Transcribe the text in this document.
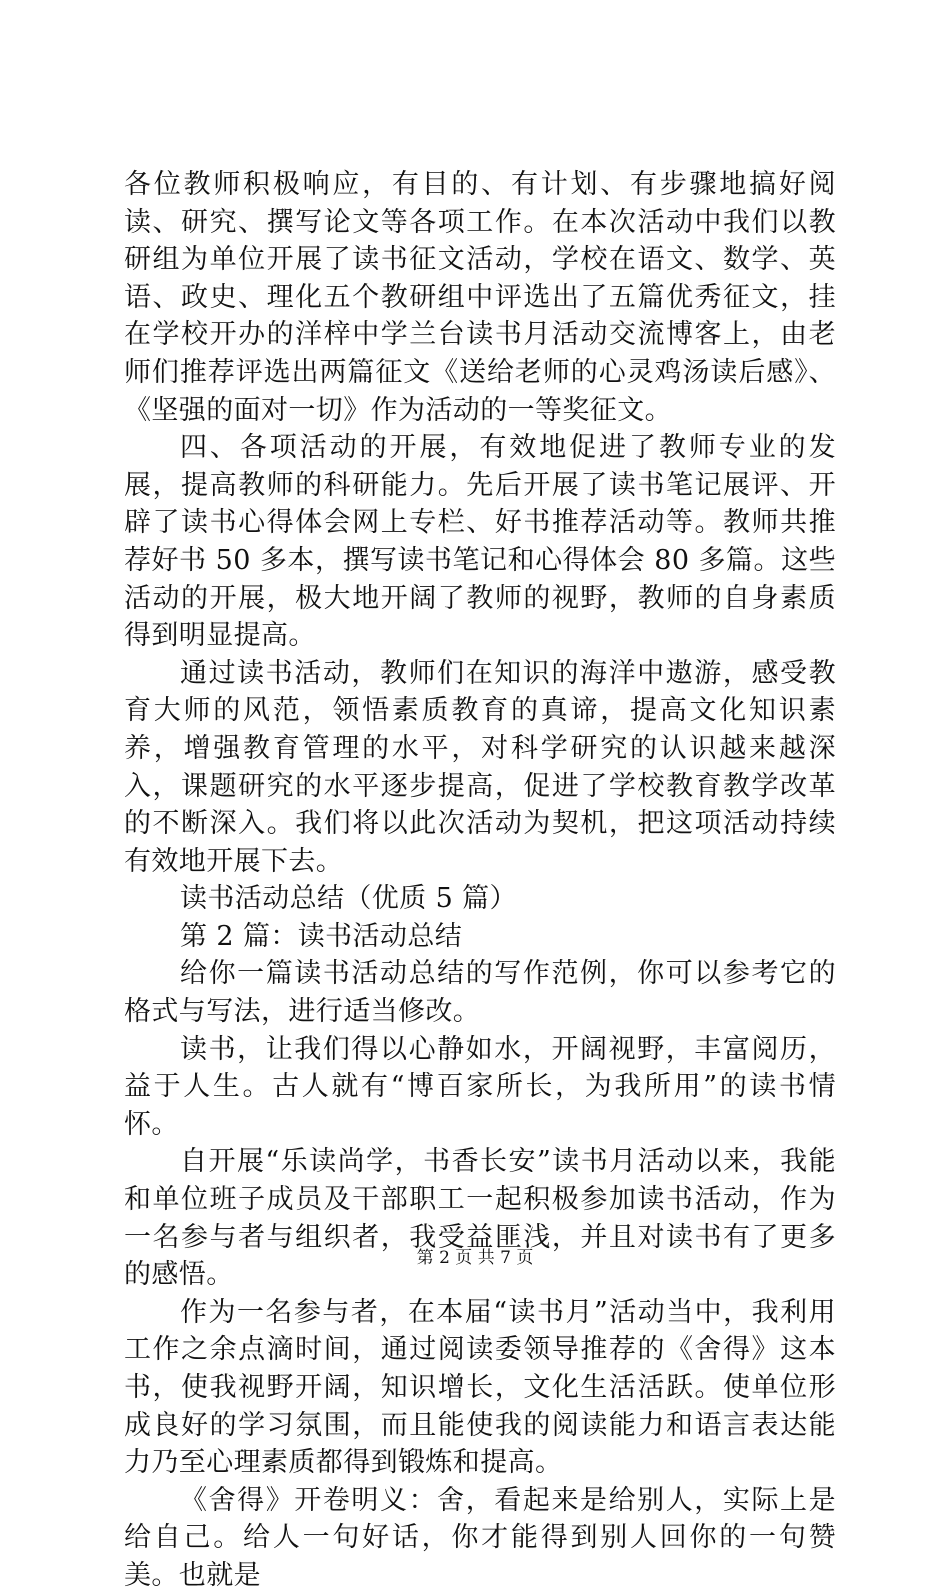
各位教师积极响应，有目的、有计划、有步骤地搞好阅读、研究、撰写论文等各项工作。在本次活动中我们以教研组为单位开展了读书征文活动，学校在语文、数学、英语、政史、理化五个教研组中评选出了五篇优秀征文，挂在学校开办的洋梓中学兰台读书月活动交流博客上，由老师们推荐评选出两篇征文《送给老师的心灵鸡汤读后感》、《坚强的面对一切》作为活动的一等奖征文。

四、各项活动的开展，有效地促进了教师专业的发展，提高教师的科研能力。先后开展了读书笔记展评、开辟了读书心得体会网上专栏、好书推荐活动等。教师共推荐好书 50 多本，撰写读书笔记和心得体会 80 多篇。这些活动的开展，极大地开阔了教师的视野，教师的自身素质得到明显提高。

通过读书活动，教师们在知识的海洋中遨游，感受教育大师的风范，领悟素质教育的真谛，提高文化知识素养，增强教育管理的水平，对科学研究的认识越来越深入，课题研究的水平逐步提高，促进了学校教育教学改革的不断深入。我们将以此次活动为契机，把这项活动持续有效地开展下去。

读书活动总结（优质 5 篇）

第 2 篇：读书活动总结

给你一篇读书活动总结的写作范例，你可以参考它的格式与写法，进行适当修改。

读书，让我们得以心静如水，开阔视野，丰富阅历，益于人生。古人就有“博百家所长，为我所用”的读书情怀。

自开展“乐读尚学，书香长安”读书月活动以来，我能和单位班子成员及干部职工一起积极参加读书活动，作为一名参与者与组织者，我受益匪浅，并且对读书有了更多的感悟。

作为一名参与者，在本届“读书月”活动当中，我利用工作之余点滴时间，通过阅读委领导推荐的《舍得》这本书，使我视野开阔，知识增长，文化生活活跃。使单位形成良好的学习氛围，而且能使我的阅读能力和语言表达能力乃至心理素质都得到锻炼和提高。

《舍得》开卷明义：舍，看起来是给别人，实际上是给自己。给人一句好话，你才能得到别人回你的一句赞美。也就是

第 2 页 共 7 页
